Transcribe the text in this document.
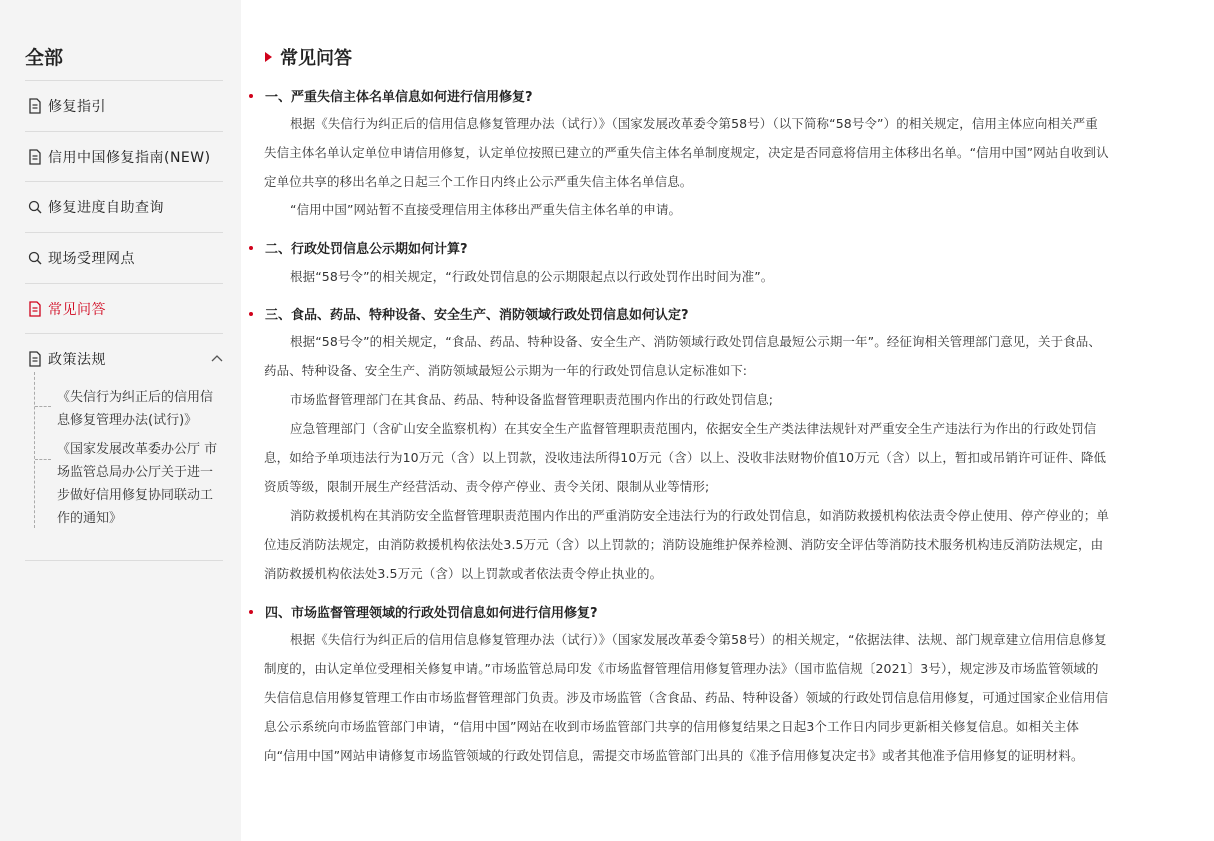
全部
修复指引
信用中国修复指南(NEW)
修复进度自助查询
现场受理网点
常见问答
政策法规
《失信行为纠正后的信用信息修复管理办法(试行)》
《国家发展改革委办公厅 市场监管总局办公厅关于进一步做好信用修复协同联动工作的通知》
常见问答
一、严重失信主体名单信息如何进行信用修复?
根据《失信行为纠正后的信用信息修复管理办法（试行）》（国家发展改革委令第58号）（以下简称“58号令”）的相关规定，信用主体应向相关严重失信主体名单认定单位申请信用修复，认定单位按照已建立的严重失信主体名单制度规定，决定是否同意将信用主体移出名单。“信用中国”网站自收到认定单位共享的移出名单之日起三个工作日内终止公示严重失信主体名单信息。
“信用中国”网站暂不直接受理信用主体移出严重失信主体名单的申请。
二、行政处罚信息公示期如何计算?
根据“58号令”的相关规定，“行政处罚信息的公示期限起点以行政处罚作出时间为准”。
三、食品、药品、特种设备、安全生产、消防领域行政处罚信息如何认定?
根据“58号令”的相关规定，“食品、药品、特种设备、安全生产、消防领域行政处罚信息最短公示期一年”。经征询相关管理部门意见，关于食品、药品、特种设备、安全生产、消防领域最短公示期为一年的行政处罚信息认定标准如下:
市场监督管理部门在其食品、药品、特种设备监督管理职责范围内作出的行政处罚信息;
应急管理部门（含矿山安全监察机构）在其安全生产监督管理职责范围内，依据安全生产类法律法规针对严重安全生产违法行为作出的行政处罚信息，如给予单项违法行为10万元（含）以上罚款，没收违法所得10万元（含）以上、没收非法财物价值10万元（含）以上，暂扣或吊销许可证件、降低资质等级，限制开展生产经营活动、责令停产停业、责令关闭、限制从业等情形;
消防救援机构在其消防安全监督管理职责范围内作出的严重消防安全违法行为的行政处罚信息，如消防救援机构依法责令停止使用、停产停业的；单位违反消防法规定，由消防救援机构依法处3.5万元（含）以上罚款的；消防设施维护保养检测、消防安全评估等消防技术服务机构违反消防法规定，由消防救援机构依法处3.5万元（含）以上罚款或者依法责令停止执业的。
四、市场监督管理领域的行政处罚信息如何进行信用修复?
根据《失信行为纠正后的信用信息修复管理办法（试行）》（国家发展改革委令第58号）的相关规定，“依据法律、法规、部门规章建立信用信息修复制度的，由认定单位受理相关修复申请。”市场监管总局印发《市场监督管理信用修复管理办法》（国市监信规〔2021〕3号），规定涉及市场监管领域的失信信息信用修复管理工作由市场监督管理部门负责。涉及市场监管（含食品、药品、特种设备）领域的行政处罚信息信用修复，可通过国家企业信用信息公示系统向市场监管部门申请，“信用中国”网站在收到市场监管部门共享的信用修复结果之日起3个工作日内同步更新相关修复信息。如相关主体向“信用中国”网站申请修复市场监管领域的行政处罚信息，需提交市场监管部门出具的《准予信用修复决定书》或者其他准予信用修复的证明材料。
